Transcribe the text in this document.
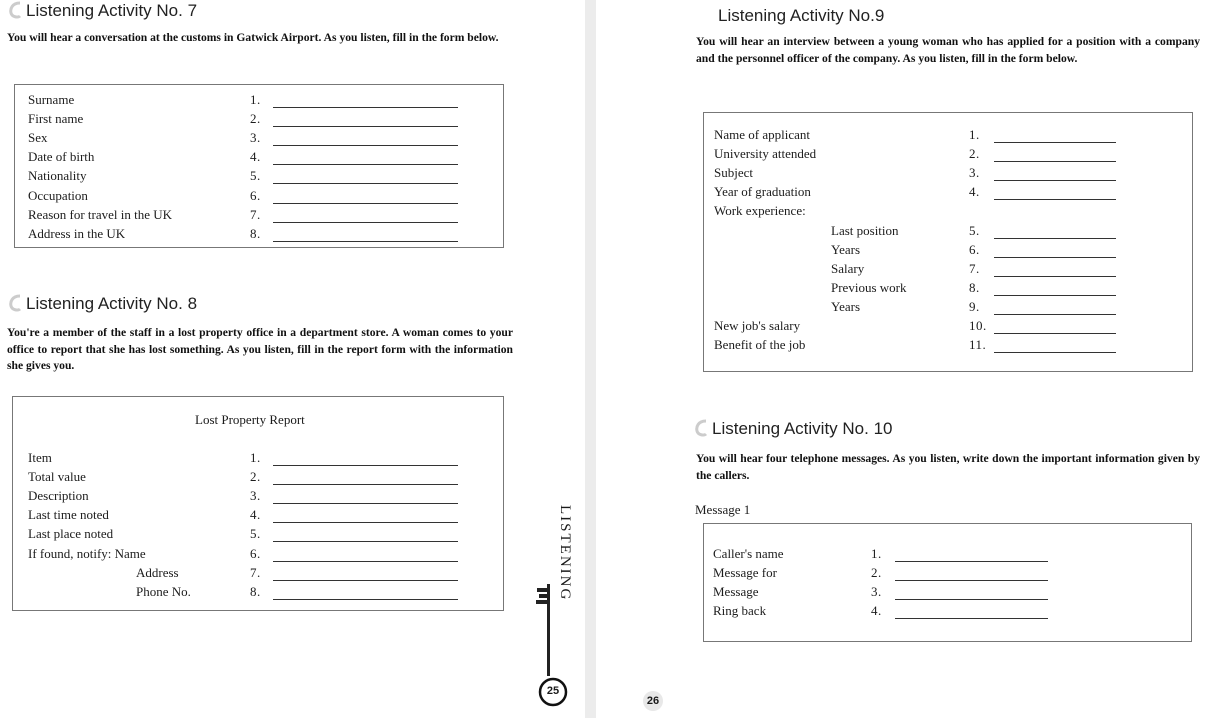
Listening Activity No. 7
You will hear a conversation at the customs in Gatwick Airport. As you listen, fill in the form below.
Surname	1.
First name	2.
Sex	3.
Date of birth	4.
Nationality	5.
Occupation	6.
Reason for travel in the UK	7.
Address in the UK	8.
Listening Activity No. 8
You're a member of the staff in a lost property office in a department store. A woman comes to your office to report that she has lost something. As you listen, fill in the report form with the information she gives you.
Lost Property Report
Item	1.
Total value	2.
Description	3.
Last time noted	4.
Last place noted	5.
If found, notify: Name	6.
Address	7.
Phone No.	8.	LISTENING
25
Listening Activity No.9
You will hear an interview between a young woman who has applied for a position with a company and the personnel officer of the company. As you listen, fill in the form below.
Name of applicant	1.
University attended	2.
Subject	3.
Year of graduation	4.
Work experience:
Last position	5.
Years	6.
Salary	7.
Previous work	8.
Years	9.
New job's salary	10.
Benefit of the job	11.
Listening Activity No. 10
You will hear four telephone messages. As you listen, write down the important information given by the callers.
Message 1
Caller's name	1.
Message for	2.
Message	3.
Ring back	4.
26
